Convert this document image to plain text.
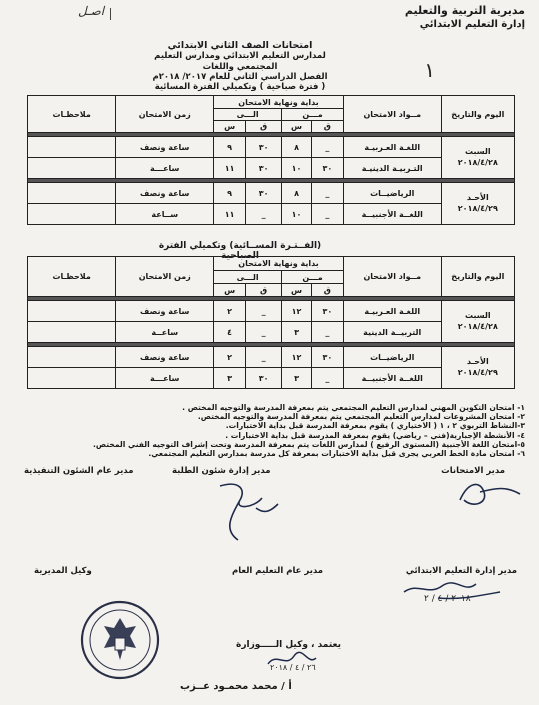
مديرية التربية والتعليم
إدارة التعليم الابتدائي
اصـل
١
امتحانات الصف الثاني الابتدائي
لمدارس التعليم الابتدائي ومدارس التعليم المجتمعي واللغات
الفصل الدراسي الثاني للعام ٢٠١٧/ ٢٠١٨م
( فترة صباحية ) وتكميلي الفترة المسائية
اليوم والتاريخ	مــواد الامتحان	بداية ونهاية الامتحان				زمن الامتحان	ملاحظـات
		مـــن		الـــى			
		ق	س	ق	س		

السبت
٢٠١٨/٤/٢٨	اللغـة العـربيـة	_	٨	٣٠	٩	ساعة ونصف	
	التـربيـة الدينيـة	٣٠	١٠	٣٠	١١	ساعـــة	

الأحـد
٢٠١٨/٤/٢٩	الرياضيــات	_	٨	٣٠	٩	ساعة ونصف	
	اللغــة الأجنبيــة	_	١٠	_	١١	ســاعة	
(الفــتـرة المســائية) وتكميلي الفترة الصباحية
اليوم والتاريخ	مــواد الامتحان	بداية ونهاية الامتحان				زمن الامتحان	ملاحظـات
		مـــن		الـــى			
		ق	س	ق	س		

السبت
٢٠١٨/٤/٢٨	اللغـة العـربيـة	٣٠	١٢	_	٢	ساعة ونصف	
	التربيــة الدينية	_	٣	_	٤	ساعــة	

الأحـد
٢٠١٨/٤/٢٩	الرياضيــات	٣٠	١٢	_	٢	ساعة ونصف	
	اللغــة الأجنبيــة	_	٣	٣٠	٣	ساعـــة	
١- امتحان التكوين المهني لمدارس التعليم المجتمعي يتم بمعرفة المدرسة والتوجيه المختص .
٢- امتحان المشروعات لمدارس التعليم المجتمعي يتم بمعرفة المدرسة والتوجيه المختص.
٣-النشاط التربوي ٢ ، ١ ( الاختياري ) يقوم بمعرفة المدرسة قبل بداية الاختبارات.
٤- الأنشطة الإجبارية(فني – رياضي) يقوم بمعرفة المدرسة قبل بداية الاختبارات .
٥-امتحان اللغة الأجنبية (المستوى الرفيع ) لمدارس اللغات يتم بمعرفة المدرسة وتحت إشراف التوجيه الفني المختص.
٦- امتحان مادة الخط العربي يجرى قبل بداية الاختبارات بمعرفة كل مدرسة بمدارس التعليم المجتمعي.
مدير الامتحانات
مدير إدارة شئون الطلبة
مدير عام الشئون التنفيذية
مدير إدارة التعليم الابتدائي
مدير عام التعليم العام
وكيل المديرية
يعتمد ، وكيل الـــــوزارة
أ / محمد محمـود عــزب
٢٦ / ٤ / ٢٠١٨
٢٠١٨ / ٤ / ٢
